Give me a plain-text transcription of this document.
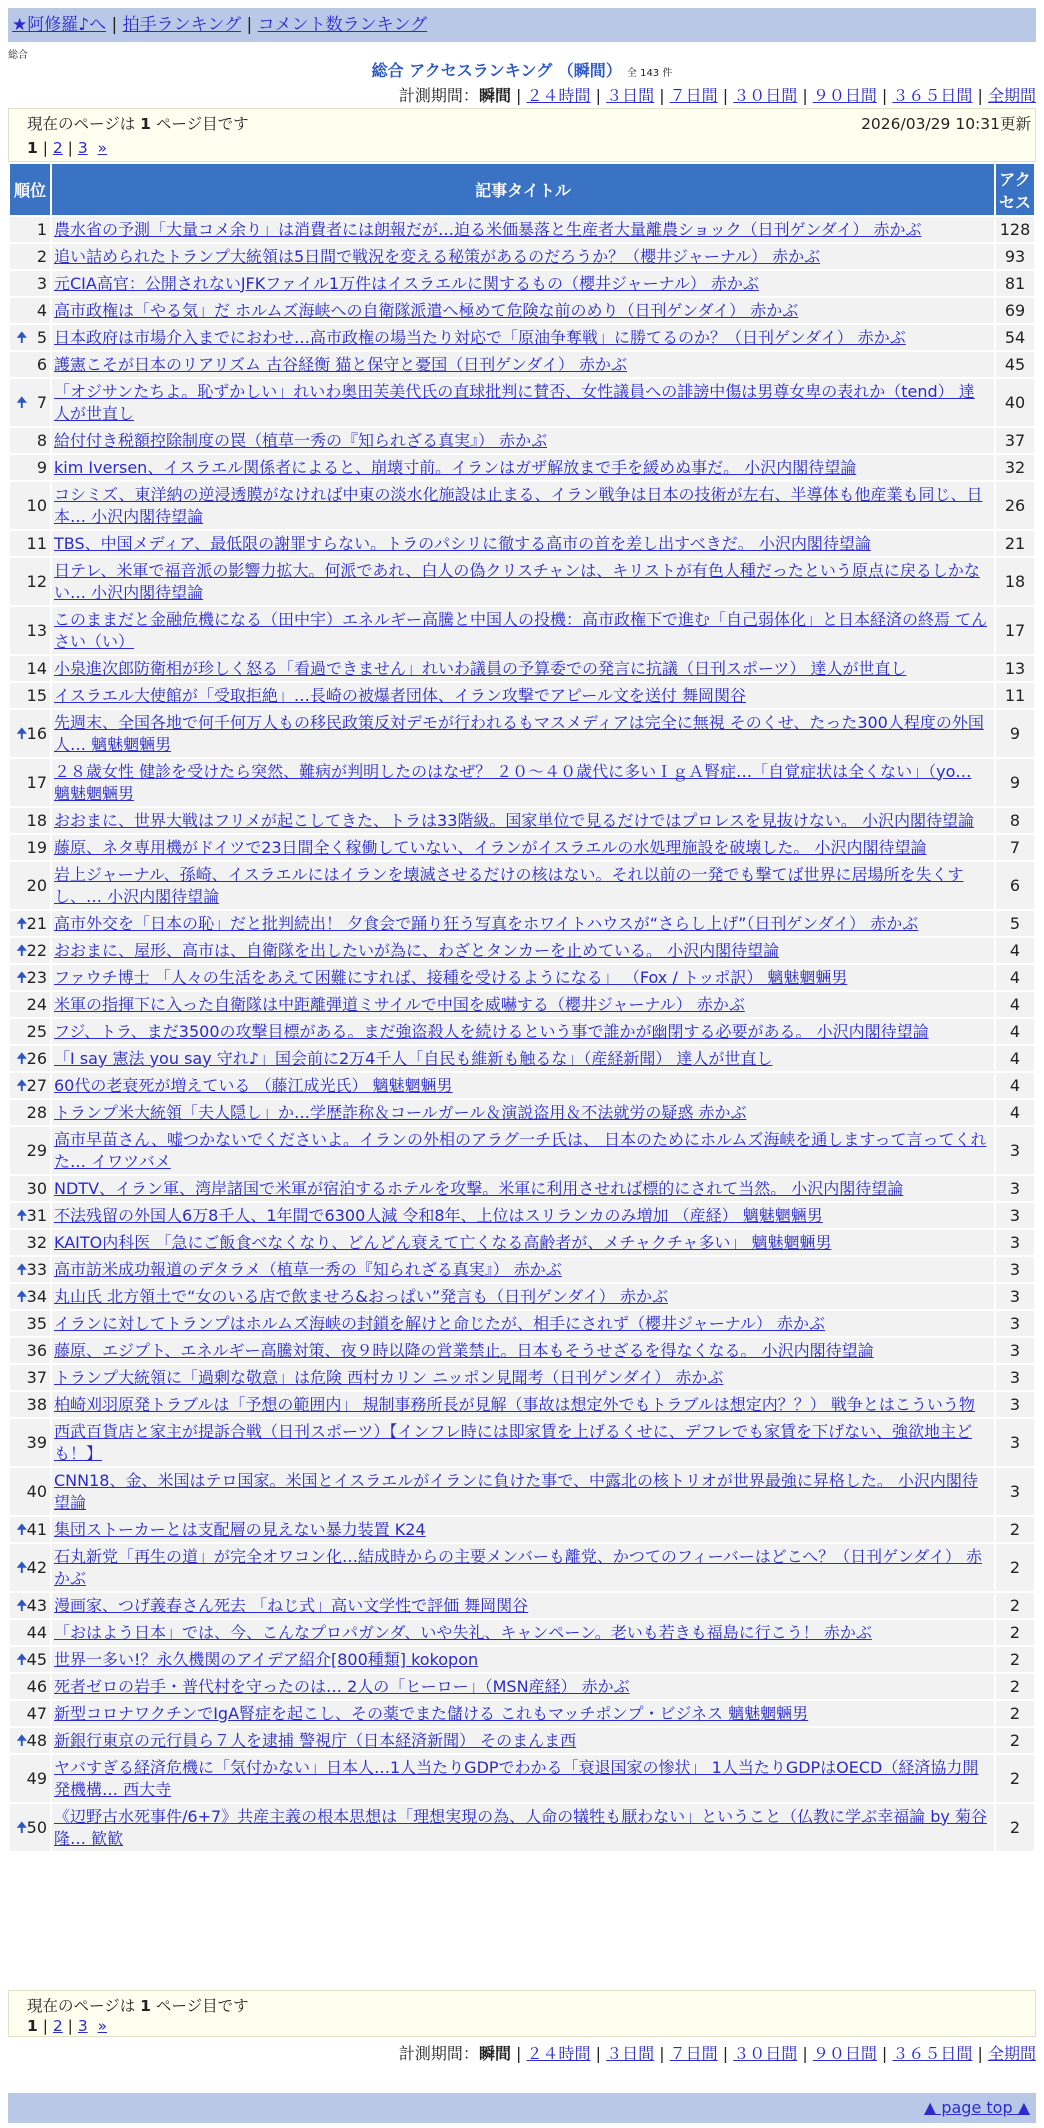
★阿修羅♪へ | 拍手ランキング | コメント数ランキング
総合
総合 アクセスランキング （瞬間） 全 143 件
計測期間：瞬間 | ２４時間 | ３日間 | ７日間 | ３０日間 | ９０日間 | ３６５日間 | 全期間
現在のページは 1 ページ目です	2026/03/29 10:31更新
1 | 2 | 3 »
順位	記事タイトル	アクセス
1	農水省の予測「大量コメ余り」は消費者には朗報だが…迫る米価暴落と生産者大量離農ショック（日刊ゲンダイ） 赤かぶ	128
2	追い詰められたトランプ大統領は5日間で戦況を変える秘策があるのだろうか？（櫻井ジャーナル） 赤かぶ	93
3	元CIA高官：公開されないJFKファイル1万件はイスラエルに関するもの（櫻井ジャーナル） 赤かぶ	81
4	高市政権は「やる気」だ ホルムズ海峡への自衛隊派遣へ極めて危険な前のめり（日刊ゲンダイ） 赤かぶ	69

🠉 5	日本政府は市場介入までにおわせ…高市政権の場当たり対応で「原油争奪戦」に勝てるのか？（日刊ゲンダイ） 赤かぶ	54
6	護憲こそが日本のリアリズム 古谷経衡 猫と保守と憂国（日刊ゲンダイ） 赤かぶ	45

🠉 7	「オジサンたちよ。恥ずかしい」れいわ奥田芙美代氏の直球批判に賛否、女性議員への誹謗中傷は男尊女卑の表れか（tend） 達人が世直し	40
8	給付付き税額控除制度の罠（植草一秀の『知られざる真実』） 赤かぶ	37
9	kim Iversen、イスラエル関係者によると、崩壊寸前。イランはガザ解放まで手を緩めぬ事だ。 小沢内閣待望論	32
10	コシミズ、東洋納の逆浸透膜がなければ中東の淡水化施設は止まる、イラン戦争は日本の技術が左右、半導体も他産業も同じ、日本… 小沢内閣待望論	26
11	TBS、中国メディア、最低限の謝罪すらない。トラのパシリに徹する高市の首を差し出すべきだ。 小沢内閣待望論	21
12	日テレ、米軍で福音派の影響力拡大。何派であれ、白人の偽クリスチャンは、キリストが有色人種だったという原点に戻るしかない… 小沢内閣待望論	18
13	このままだと金融危機になる（田中宇）エネルギー高騰と中国人の投機：高市政権下で進む「自己弱体化」と日本経済の終焉 てんさい（い）	17
14	小泉進次郎防衛相が珍しく怒る「看過できません」れいわ議員の予算委での発言に抗議（日刊スポーツ） 達人が世直し	13
15	イスラエル大使館が「受取拒絶」…長崎の被爆者団体、イラン攻撃でアピール文を送付 舞岡関谷	11

🠉 16	先週末、全国各地で何千何万人もの移民政策反対デモが行われるもマスメディアは完全に無視 そのくせ、たった300人程度の外国人… 魑魅魍魎男	9
17	２８歳女性 健診を受けたら突然、難病が判明したのはなぜ？ ２０～４０歳代に多いＩｇＡ腎症…「自覚症状は全くない」（yo… 魑魅魍魎男	9
18	おおまに、世界大戦はフリメが起こしてきた、トラは33階級。国家単位で見るだけではプロレスを見抜けない。 小沢内閣待望論	8
19	藤原、ネタ専用機がドイツで23日間全く稼働していない、イランがイスラエルの水処理施設を破壊した。 小沢内閣待望論	7
20	岩上ジャーナル、孫崎、イスラエルにはイランを壊滅させるだけの核はない。それ以前の一発でも撃てば世界に居場所を失くす し、… 小沢内閣待望論	6

🠉 21	高市外交を「日本の恥」だと批判続出！ 夕食会で踊り狂う写真をホワイトハウスが“さらし上げ”（日刊ゲンダイ） 赤かぶ	5

🠉 22	おおまに、屋形、高市は、自衛隊を出したいが為に、わざとタンカーを止めている。 小沢内閣待望論	4

🠉 23	ファウチ博士 「人々の生活をあえて困難にすれば、接種を受けるようになる」 （Fox / トッポ訳） 魑魅魍魎男	4
24	米軍の指揮下に入った自衛隊は中距離弾道ミサイルで中国を威嚇する（櫻井ジャーナル） 赤かぶ	4
25	フジ、トラ、まだ3500の攻撃目標がある。まだ強盗殺人を続けるという事で誰かが幽閉する必要がある。 小沢内閣待望論	4

🠉 26	「I say 憲法 you say 守れ♪」国会前に2万4千人「自民も維新も触るな」（産経新聞） 達人が世直し	4

🠉 27	60代の老衰死が増えている （藤江成光氏） 魑魅魍魎男	4
28	トランプ米大統領「夫人隠し」か…学歴詐称＆コールガール＆演説盗用＆不法就労の疑惑 赤かぶ	4
29	高市早苗さん、嘘つかないでくださいよ。イランの外相のアラグ一チ氏は、 日本のためにホルムズ海峡を通しますって言ってくれた… イワツバメ	3
30	NDTV、イラン軍、湾岸諸国で米軍が宿泊するホテルを攻撃。米軍に利用させれば標的にされて当然。 小沢内閣待望論	3

🠉 31	不法残留の外国人6万8千人、1年間で6300人減 令和8年、上位はスリランカのみ増加 （産経） 魑魅魍魎男	3
32	KAITO内科医 「急にご飯食べなくなり、どんどん衰えて亡くなる高齢者が、メチャクチャ多い」 魑魅魍魎男	3

🠉 33	高市訪米成功報道のデタラメ（植草一秀の『知られざる真実』） 赤かぶ	3

🠉 34	丸山氏 北方領土で“女のいる店で飲ませろ&おっぱい”発言も（日刊ゲンダイ） 赤かぶ	3
35	イランに対してトランプはホルムズ海峡の封鎖を解けと命じたが、相手にされず（櫻井ジャーナル） 赤かぶ	3
36	藤原、エジプト、エネルギー高騰対策、夜９時以降の営業禁止。日本もそうせざるを得なくなる。 小沢内閣待望論	3
37	トランプ大統領に「過剰な敬意」は危険 西村カリン ニッポン見聞考（日刊ゲンダイ） 赤かぶ	3
38	柏崎刈羽原発トラブルは「予想の範囲内」 規制事務所長が見解（事故は想定外でもトラブルは想定内？？） 戦争とはこういう物	3
39	西武百貨店と家主が提訴合戦（日刊スポーツ）【インフレ時には即家賃を上げるくせに、デフレでも家賃を下げない、強欲地主ども！】	3
40	CNN18、金、米国はテロ国家。米国とイスラエルがイランに負けた事で、中露北の核トリオが世界最強に昇格した。 小沢内閣待望論	3

🠉 41	集団ストーカーとは支配層の見えない暴力装置 K24	2

🠉 42	石丸新党「再生の道」が完全オワコン化…結成時からの主要メンバーも離党、かつてのフィーバーはどこへ？（日刊ゲンダイ） 赤かぶ	2

🠉 43	漫画家、つげ義春さん死去 「ねじ式」高い文学性で評価 舞岡関谷	2
44	「おはよう日本」では、今、こんなプロパガンダ、いや失礼、キャンペーン。老いも若きも福島に行こう！ 赤かぶ	2

🠉 45	世界一多い!？永久機関のアイデア紹介[800種類] kokopon	2
46	死者ゼロの岩手・普代村を守ったのは… 2人の「ヒーロー」（MSN産経） 赤かぶ	2
47	新型コロナワクチンでIgA腎症を起こし、その薬でまた儲ける これもマッチポンプ・ビジネス 魑魅魍魎男	2

🠉 48	新銀行東京の元行員ら７人を逮捕 警視庁（日本経済新聞） そのまんま西	2
49	ヤバすぎる経済危機に「気付かない」日本人…1人当たりGDPでわかる「衰退国家の惨状」 1人当たりGDPはOECD（経済協力開発機構… 西大寺	2

🠉 50	《辺野古水死事件/6+7》共産主義の根本思想は「理想実現の為、人命の犠牲も厭わない」ということ（仏教に学ぶ幸福論 by 菊谷隆… 歓歓	2
現在のページは 1 ページ目です
1 | 2 | 3 »
計測期間：瞬間 | ２４時間 | ３日間 | ７日間 | ３０日間 | ９０日間 | ３６５日間 | 全期間
▲ page top ▲
